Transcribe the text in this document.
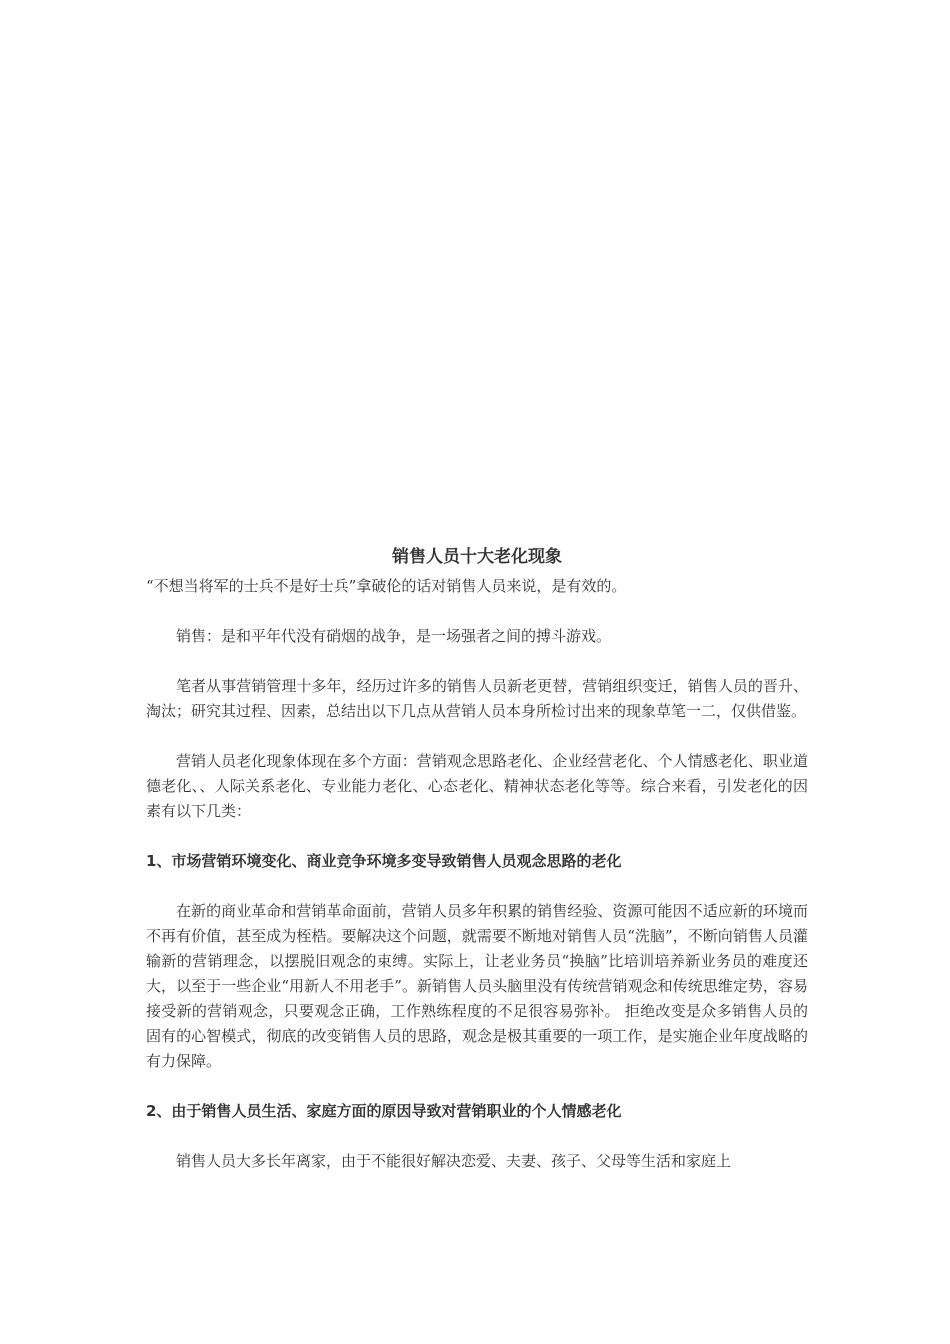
销售人员十大老化现象

“不想当将军的士兵不是好士兵”拿破伦的话对销售人员来说，是有效的。

销售：是和平年代没有硝烟的战争，是一场强者之间的搏斗游戏。

笔者从事营销管理十多年，经历过许多的销售人员新老更替，营销组织变迁，销售人员的晋升、淘汰；研究其过程、因素，总结出以下几点从营销人员本身所检讨出来的现象草笔一二，仅供借鉴。

营销人员老化现象体现在多个方面：营销观念思路老化、企业经营老化、个人情感老化、职业道德老化、、人际关系老化、专业能力老化、心态老化、精神状态老化等等。综合来看，引发老化的因素有以下几类：

1、市场营销环境变化、商业竞争环境多变导致销售人员观念思路的老化

在新的商业革命和营销革命面前，营销人员多年积累的销售经验、资源可能因不适应新的环境而不再有价值，甚至成为桎梏。要解决这个问题，就需要不断地对销售人员“洗脑”，不断向销售人员灌输新的营销理念，以摆脱旧观念的束缚。实际上，让老业务员“换脑”比培训培养新业务员的难度还大，以至于一些企业“用新人不用老手”。新销售人员头脑里没有传统营销观念和传统思维定势，容易接受新的营销观念，只要观念正确，工作熟练程度的不足很容易弥补。 拒绝改变是众多销售人员的固有的心智模式，彻底的改变销售人员的思路，观念是极其重要的一项工作，是实施企业年度战略的有力保障。

2、由于销售人员生活、家庭方面的原因导致对营销职业的个人情感老化

销售人员大多长年离家，由于不能很好解决恋爱、夫妻、孩子、父母等生活和家庭上
